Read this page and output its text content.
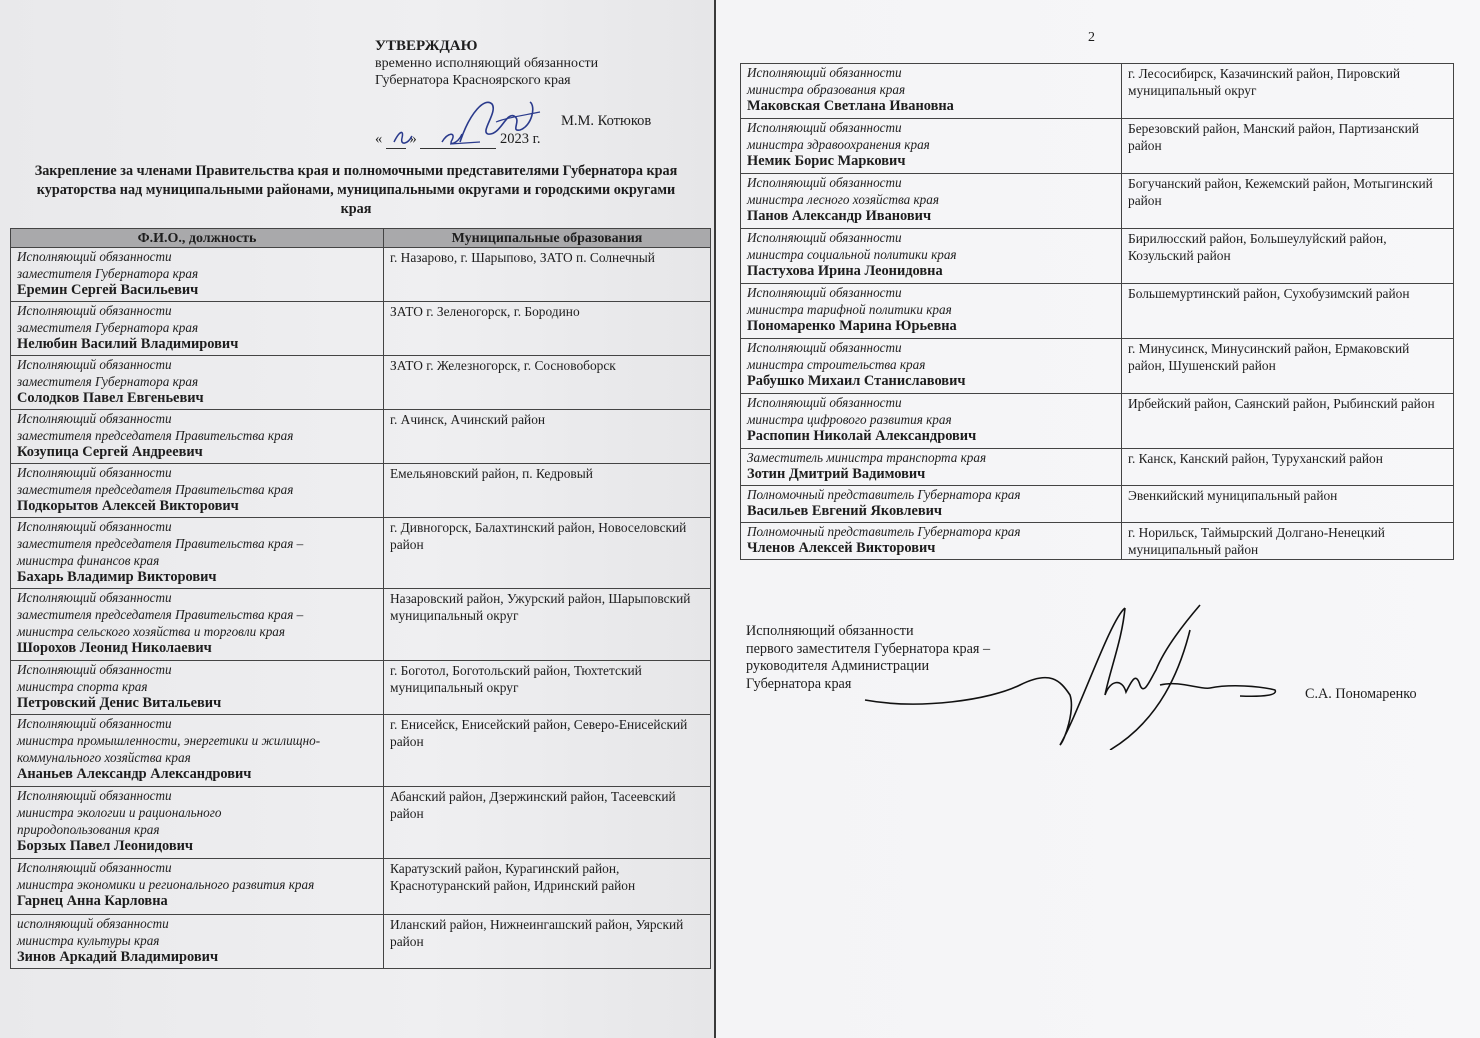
УТВЕРЖДАЮ
временно исполняющий обязанности
Губернатора Красноярского края
М.М. Котюков
« »	2023 г.
Закрепление за членами Правительства края и полномочными представителями Губернатора края кураторства над муниципальными районами, муниципальными округами и городскими округами края
Ф.И.О., должность	Муниципальные образования

Исполняющий обязанности
заместителя Губернатора края
Еремин Сергей Васильевич	г. Назарово, г. Шарыпово, ЗАТО п. Солнечный

Исполняющий обязанности
заместителя Губернатора края
Нелюбин Василий Владимирович	ЗАТО г. Зеленогорск, г. Бородино

Исполняющий обязанности
заместителя Губернатора края
Солодков Павел Евгеньевич	ЗАТО г. Железногорск, г. Сосновоборск

Исполняющий обязанности
заместителя председателя Правительства края
Козупица Сергей Андреевич	г. Ачинск, Ачинский район

Исполняющий обязанности
заместителя председателя Правительства края
Подкорытов Алексей Викторович	Емельяновский район, п. Кедровый

Исполняющий обязанности
заместителя председателя Правительства края –
министра финансов края
Бахарь Владимир Викторович	г. Дивногорск, Балахтинский район, Новоселовский район

Исполняющий обязанности
заместителя председателя Правительства края –
министра сельского хозяйства и торговли края
Шорохов Леонид Николаевич	Назаровский район, Ужурский район, Шарыповский муниципальный округ

Исполняющий обязанности
министра спорта края
Петровский Денис Витальевич	г. Боготол, Боготольский район, Тюхтетский муниципальный округ

Исполняющий обязанности
министра промышленности, энергетики и жилищно-
коммунального хозяйства края
Ананьев Александр Александрович	г. Енисейск, Енисейский район, Северо-Енисейский район

Исполняющий обязанности
министра экологии и рационального
природопользования края
Борзых Павел Леонидович	Абанский район, Дзержинский район, Тасеевский район

Исполняющий обязанности
министра экономики и регионального развития края
Гарнец Анна Карловна	Каратузский район, Курагинский район, Краснотуранский район, Идринский район

исполняющий обязанности
министра культуры края
Зинов Аркадий Владимирович	Иланский район, Нижнеингашский район, Уярский район
2
Исполняющий обязанности
министра образования края
Маковская Светлана Ивановна	г. Лесосибирск, Казачинский район, Пировский муниципальный округ

Исполняющий обязанности
министра здравоохранения края
Немик Борис Маркович	Березовский район, Манский район, Партизанский район

Исполняющий обязанности
министра лесного хозяйства края
Панов Александр Иванович	Богучанский район, Кежемский район, Мотыгинский район

Исполняющий обязанности
министра социальной политики края
Пастухова Ирина Леонидовна	Бирилюсский район, Большеулуйский район, Козульский район

Исполняющий обязанности
министра тарифной политики края
Пономаренко Марина Юрьевна	Большемуртинский район, Сухобузимский район

Исполняющий обязанности
министра строительства края
Рабушко Михаил Станиславович	г. Минусинск, Минусинский район, Ермаковский район, Шушенский район

Исполняющий обязанности
министра цифрового развития края
Распопин Николай Александрович	Ирбейский район, Саянский район, Рыбинский район

Заместитель министра транспорта края
Зотин Дмитрий Вадимович	г. Канск, Канский район, Туруханский район

Полномочный представитель Губернатора края
Васильев Евгений Яковлевич	Эвенкийский муниципальный район

Полномочный представитель Губернатора края
Членов Алексей Викторович	г. Норильск, Таймырский Долгано-Ненецкий муниципальный район
Исполняющий обязанности
первого заместителя Губернатора края –
руководителя Администрации
Губернатора края
С.А. Пономаренко
